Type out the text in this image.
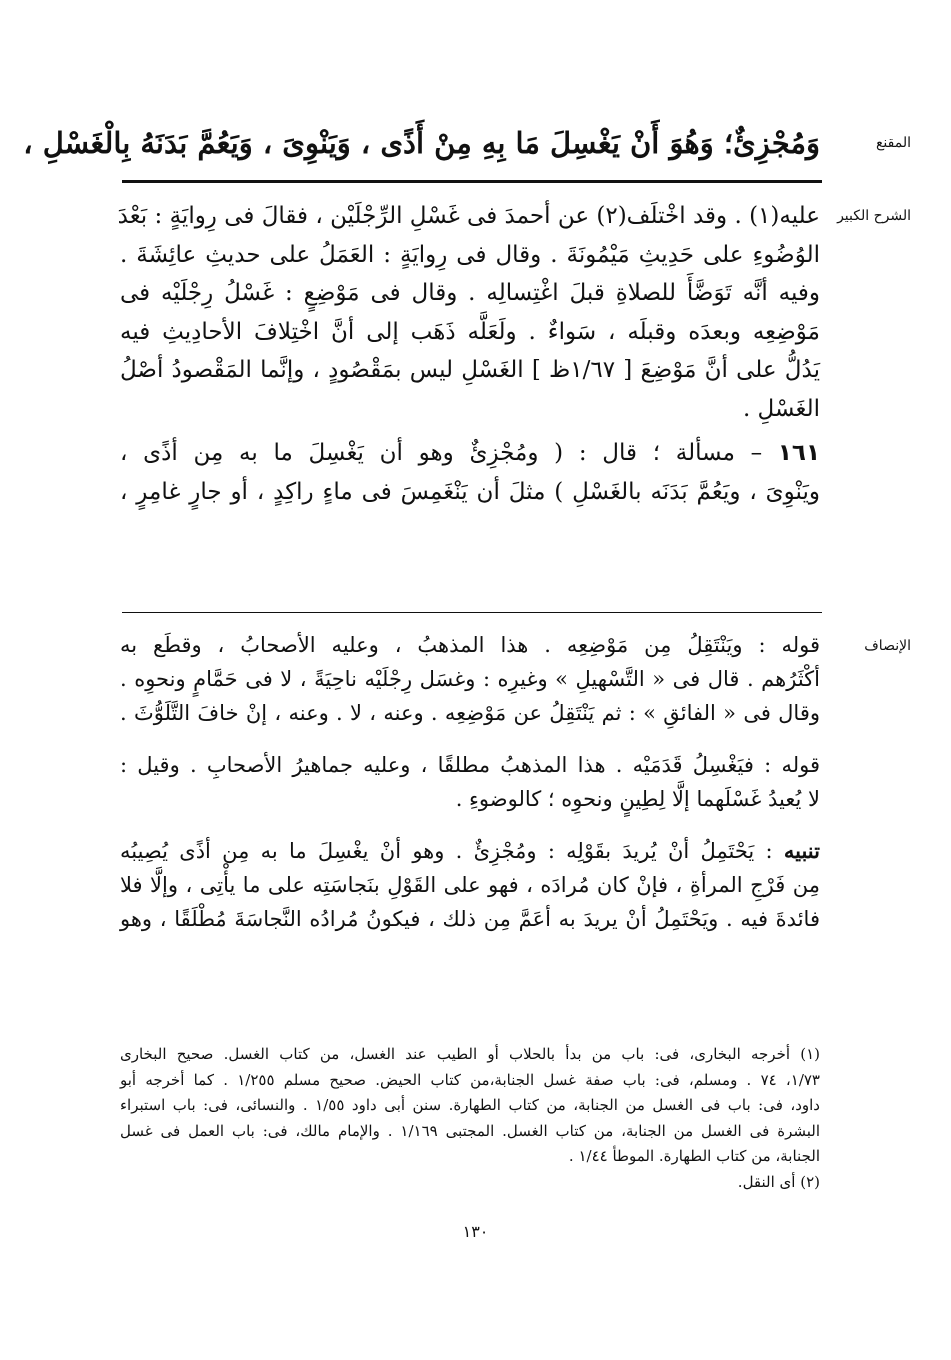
المقنع
وَمُجْزِئٌ؛ وَهُوَ أَنْ يَغْسِلَ مَا بِهِ مِنْ أَذًى ، وَيَنْوِىَ ، وَيَعُمَّ بَدَنَهُ بِالْغَسْلِ ،
الشرح الكبير
عليه(١) . وقد اخْتلَف(٢) عن أحمدَ فى غَسْلِ الرِّجْلَيْن ، فقالَ فى رِوايَةٍ : بَعْدَ
الوُضُوءِ على حَدِيثِ مَيْمُونَةَ . وقال فى رِوايَةٍ : العَمَلُ على حديثِ عائِشَةَ .
وفيه أنَّه تَوَضَّأَ للصلاةِ قبلَ اغْتِسالِه . وقال فى مَوْضِعٍ : غَسْلُ رِجْلَيْه فى
مَوْضِعِه وبعدَه وقبلَه ، سَواءٌ . ولَعَلَّه ذَهَب إلى أنَّ اخْتِلافَ الأحادِيثِ فيه
يَدُلُّ على أنَّ مَوْضِعَ [ ١/٦٧ظ ] الغَسْلِ ليس بمَقْصُودٍ ، وإنَّما المَقْصودُ أصْلُ
الغَسْلِ .
١٦١ – مسألة ؛ قال : ( ومُجْزِئٌ وهو أن يَغْسِلَ ما به مِن أذًى ،
ويَنْوِىَ ، ويَعُمَّ بَدَنَه بالغَسْلِ ) مثلَ أن يَنْغَمِسَ فى ماءٍ راكِدٍ ، أو جارٍ غامِرٍ ،
الإنصاف
قوله : ويَنْتَقِلُ مِن مَوْضِعِه . هذا المذهبُ ، وعليه الأصحابُ ، وقطَع به
أكْثَرُهم . قال فى « التَّسْهيلِ » وغيرِه : وغسَل رِجْلَيْه ناحِيَةً ، لا فى حَمَّامٍ ونحوِه .
وقال فى « الفائقِ » : ثم يَنْتَقِلُ عن مَوْضِعِه . وعنه ، لا . وعنه ، إنْ خافَ التَّلَوُّثَ .
قوله : فيَغْسِلُ قَدَمَيْه . هذا المذهبُ مطلقًا ، وعليه جماهيرُ الأصحابِ . وقيل :
لا يُعيدُ غَسْلَهما إلَّا لِطِينٍ ونحوِه ؛ كالوضوءِ .
تنبيه : يَحْتَمِلُ أنْ يُريدَ بقَوْلِه : ومُجْزِئٌ . وهو أنْ يغْسِلَ ما به مِن أذًى يُصِيبُه
مِن فَرْجِ المرأةِ ، فإنْ كان مُرادَه ، فهو على القَوْلِ بنَجاسَتِه على ما يأْتِى ، وإلَّا فلا
فائدةَ فيه . ويَحْتَمِلُ أنْ يريدَ به أعَمَّ مِن ذلك ، فيكونُ مُرادُه النَّجاسَةَ مُطْلَقًا ، وهو
(١) أخرجه البخارى، فى: باب من بدأ بالحلاب أو الطيب عند الغسل، من كتاب الغسل. صحيح البخارى
١/٧٣، ٧٤ . ومسلم، فى: باب صفة غسل الجنابة،من كتاب الحيض. صحيح مسلم ١/٢٥٥ . كما أخرجه أبو
داود، فى: باب فى الغسل من الجنابة، من كتاب الطهارة. سنن أبى داود ١/٥٥ . والنسائى، فى: باب استبراء
البشرة فى الغسل من الجنابة، من كتاب الغسل. المجتبى ١/١٦٩ . والإمام مالك، فى: باب العمل فى غسل
الجنابة، من كتاب الطهارة. الموطأ ١/٤٤ .
(٢) أى النقل.
١٣٠
